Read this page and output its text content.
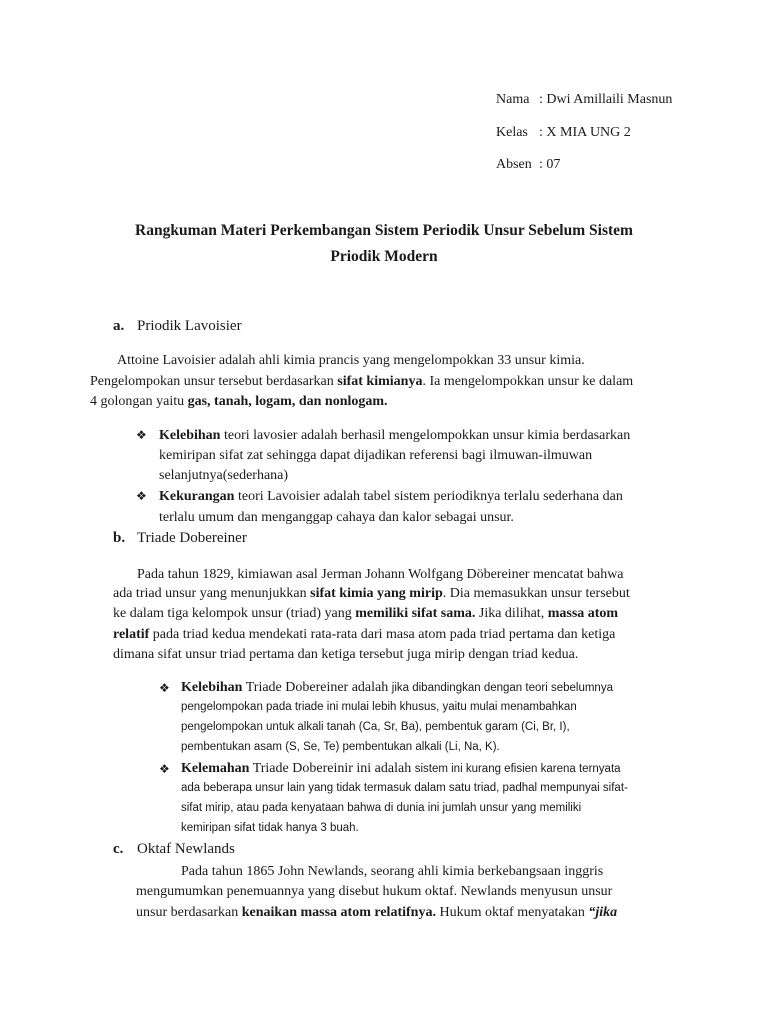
Nama : Dwi Amillaili Masnun
Kelas : X MIA UNG 2
Absen : 07
Rangkuman Materi Perkembangan Sistem Periodik Unsur Sebelum Sistem
Priodik Modern
a. Priodik Lavoisier
Attoine Lavoisier adalah ahli kimia prancis yang mengelompokkan 33 unsur kimia.
Pengelompokan unsur tersebut berdasarkan sifat kimianya. Ia mengelompokkan unsur ke dalam
4 golongan yaitu gas, tanah, logam, dan nonlogam.
❖ Kelebihan teori lavosier adalah berhasil mengelompokkan unsur kimia berdasarkan
kemiripan sifat zat sehingga dapat dijadikan referensi bagi ilmuwan-ilmuwan
selanjutnya(sederhana)
❖ Kekurangan teori Lavoisier adalah tabel sistem periodiknya terlalu sederhana dan
terlalu umum dan menganggap cahaya dan kalor sebagai unsur.
b. Triade Dobereiner
Pada tahun 1829, kimiawan asal Jerman Johann Wolfgang Döbereiner mencatat bahwa
ada triad unsur yang menunjukkan sifat kimia yang mirip. Dia memasukkan unsur tersebut
ke dalam tiga kelompok unsur (triad) yang memiliki sifat sama. Jika dilihat, massa atom
relatif pada triad kedua mendekati rata-rata dari masa atom pada triad pertama dan ketiga
dimana sifat unsur triad pertama dan ketiga tersebut juga mirip dengan triad kedua.
❖ Kelebihan Triade Dobereiner adalah jika dibandingkan dengan teori sebelumnya
pengelompokan pada triade ini mulai lebih khusus, yaitu mulai menambahkan
pengelompokan untuk alkali tanah (Ca, Sr, Ba), pembentuk garam (Ci, Br, I),
pembentukan asam (S, Se, Te) pembentukan alkali (Li, Na, K).
❖ Kelemahan Triade Dobereinir ini adalah sistem ini kurang efisien karena ternyata
ada beberapa unsur lain yang tidak termasuk dalam satu triad, padhal mempunyai sifat-
sifat mirip, atau pada kenyataan bahwa di dunia ini jumlah unsur yang memiliki
kemiripan sifat tidak hanya 3 buah.
c. Oktaf Newlands
Pada tahun 1865 John Newlands, seorang ahli kimia berkebangsaan inggris
mengumumkan penemuannya yang disebut hukum oktaf. Newlands menyusun unsur
unsur berdasarkan kenaikan massa atom relatifnya. Hukum oktaf menyatakan “jika
